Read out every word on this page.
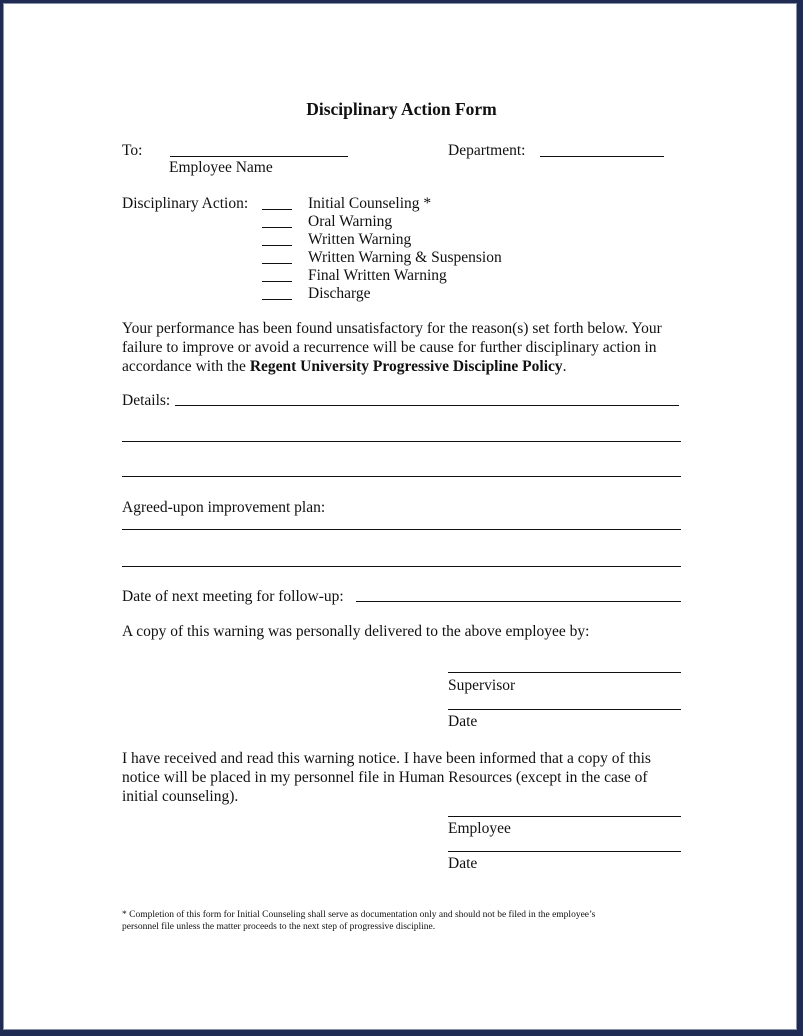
Disciplinary Action Form
To:
Employee Name
Department:
Disciplinary Action:	Initial Counseling *
Oral Warning
Written Warning
Written Warning & Suspension
Final Written Warning
Discharge
Your performance has been found unsatisfactory for the reason(s) set forth below. Your
failure to improve or avoid a recurrence will be cause for further disciplinary action in
accordance with the Regent University Progressive Discipline Policy.
Details:
Agreed-upon improvement plan:
Date of next meeting for follow-up:
A copy of this warning was personally delivered to the above employee by:
Supervisor
Date
I have received and read this warning notice. I have been informed that a copy of this
notice will be placed in my personnel file in Human Resources (except in the case of
initial counseling).
Employee
Date
* Completion of this form for Initial Counseling shall serve as documentation only and should not be filed in the employee’s
personnel file unless the matter proceeds to the next step of progressive discipline.
